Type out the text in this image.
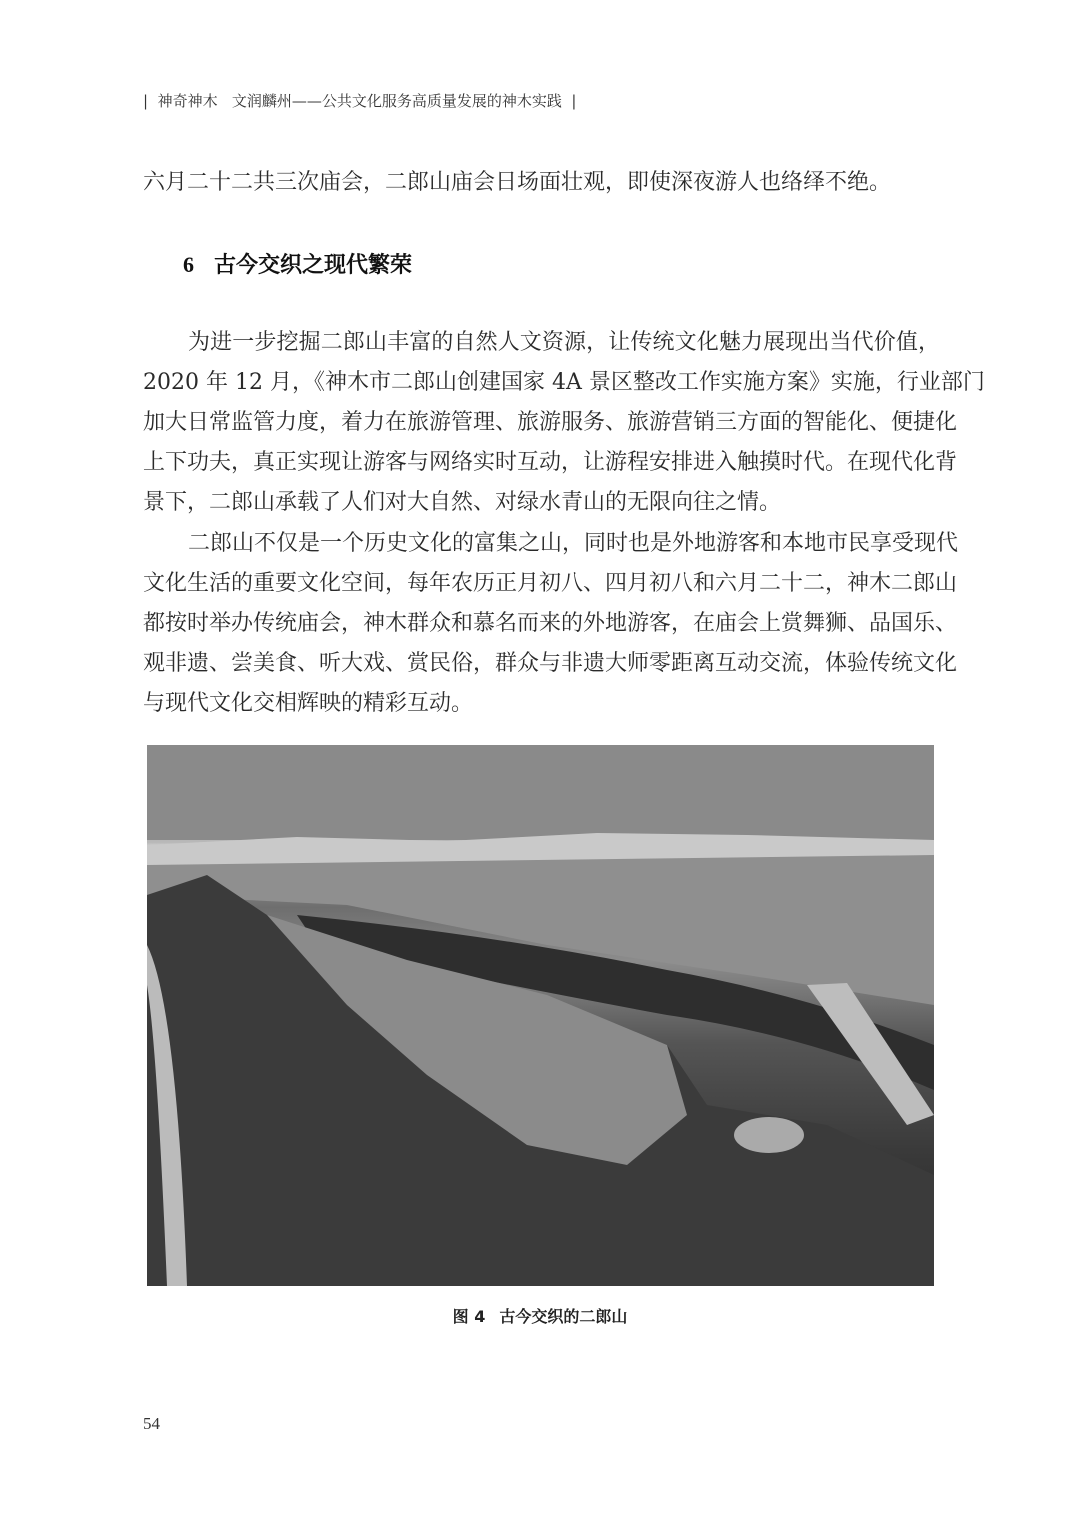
|  神奇神木   文润麟州——公共文化服务高质量发展的神木实践  |
六月二十二共三次庙会，二郎山庙会日场面壮观，即使深夜游人也络绎不绝。
6 古今交织之现代繁荣
为进一步挖掘二郎山丰富的自然人文资源，让传统文化魅力展现出当代价值，
2020 年 12 月，《神木市二郎山创建国家 4A 景区整改工作实施方案》实施，行业部门
加大日常监管力度，着力在旅游管理、旅游服务、旅游营销三方面的智能化、便捷化
上下功夫，真正实现让游客与网络实时互动，让游程安排进入触摸时代。在现代化背
景下，二郎山承载了人们对大自然、对绿水青山的无限向往之情。
二郎山不仅是一个历史文化的富集之山，同时也是外地游客和本地市民享受现代
文化生活的重要文化空间，每年农历正月初八、四月初八和六月二十二，神木二郎山
都按时举办传统庙会，神木群众和慕名而来的外地游客，在庙会上赏舞狮、品国乐、
观非遗、尝美食、听大戏、赏民俗，群众与非遗大师零距离互动交流，体验传统文化
与现代文化交相辉映的精彩互动。
图 4 古今交织的二郎山
54
